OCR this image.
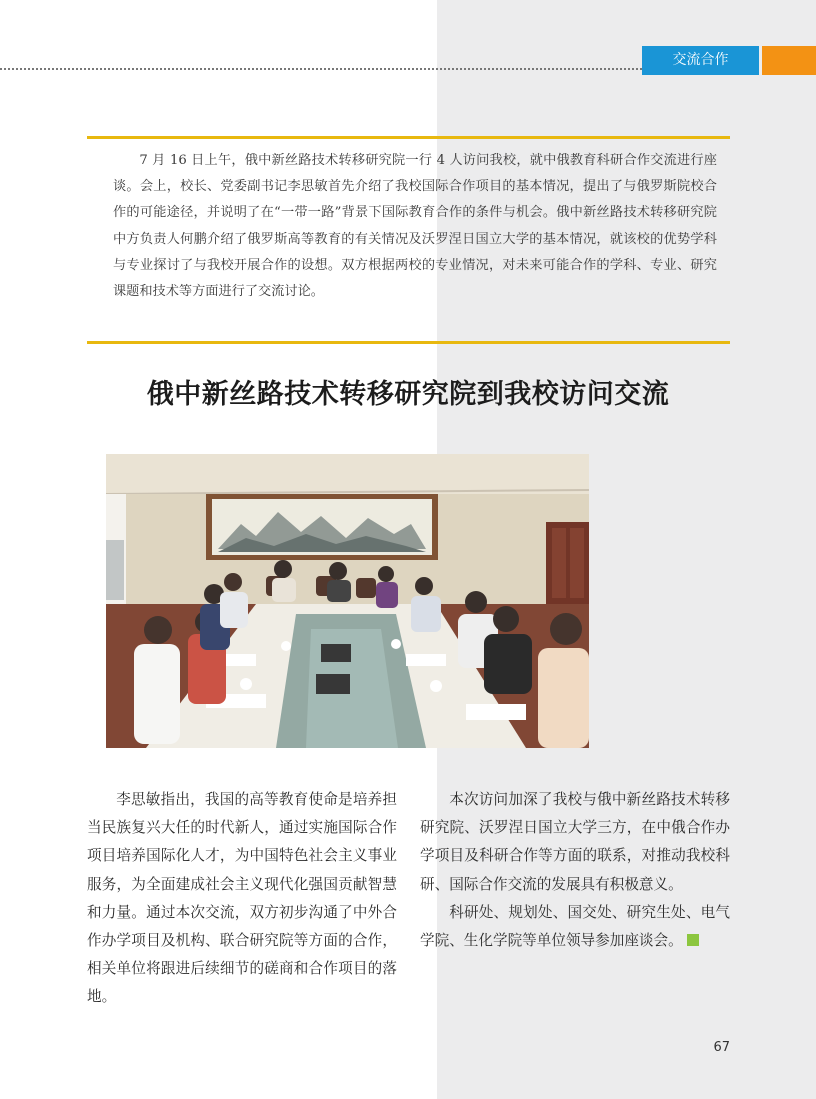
交流合作

7 月 16 日上午，俄中新丝路技术转移研究院一行 4 人访问我校，就中俄教育科研合作交流进行座谈。会上，校长、党委副书记李思敏首先介绍了我校国际合作项目的基本情况，提出了与俄罗斯院校合作的可能途径，并说明了在“一带一路”背景下国际教育合作的条件与机会。俄中新丝路技术转移研究院中方负责人何鹏介绍了俄罗斯高等教育的有关情况及沃罗涅日国立大学的基本情况，就该校的优势学科与专业探讨了与我校开展合作的设想。双方根据两校的专业情况，对未来可能合作的学科、专业、研究课题和技术等方面进行了交流讨论。

俄中新丝路技术转移研究院到我校访问交流

李思敏指出，我国的高等教育使命是培养担当民族复兴大任的时代新人，通过实施国际合作项目培养国际化人才，为中国特色社会主义事业服务，为全面建成社会主义现代化强国贡献智慧和力量。通过本次交流，双方初步沟通了中外合作办学项目及机构、联合研究院等方面的合作，相关单位将跟进后续细节的磋商和合作项目的落地。

本次访问加深了我校与俄中新丝路技术转移研究院、沃罗涅日国立大学三方，在中俄合作办学项目及科研合作等方面的联系，对推动我校科研、国际合作交流的发展具有积极意义。

科研处、规划处、国交处、研究生处、电气学院、生化学院等单位领导参加座谈会。

67
